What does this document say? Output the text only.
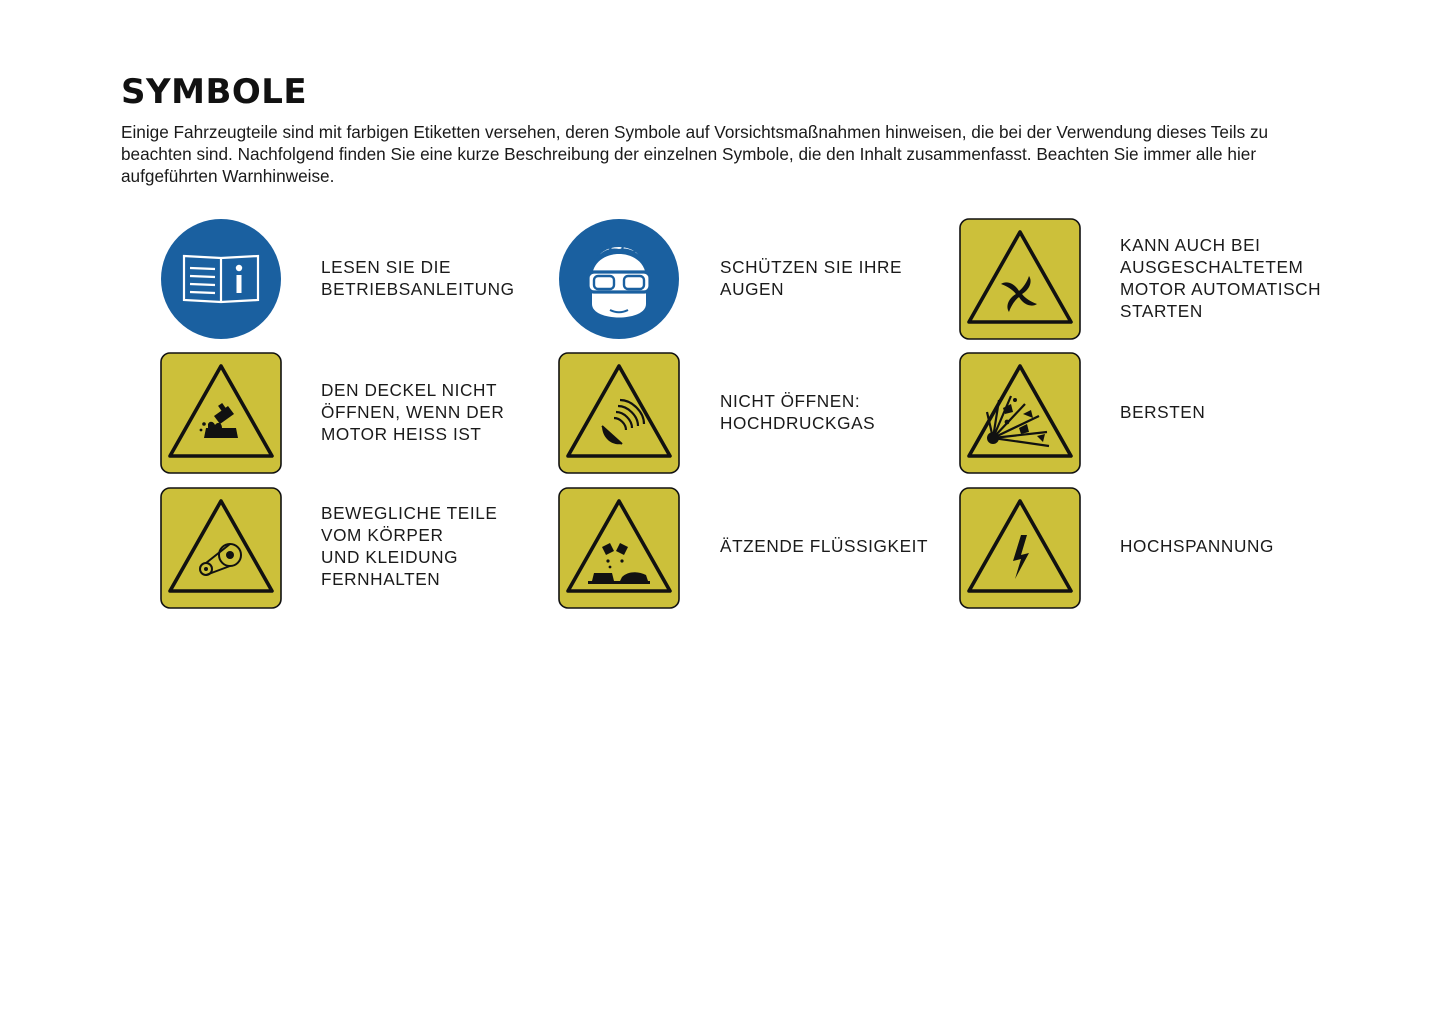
SYMBOLE

Einige Fahrzeugteile sind mit farbigen Etiketten versehen, deren Symbole auf Vorsichtsmaßnahmen hinweisen, die bei der Verwendung dieses Teils zu beachten sind. Nachfolgend finden Sie eine kurze Beschreibung der einzelnen Symbole, die den Inhalt zusammenfasst. Beachten Sie immer alle hier aufgeführten Warnhinweise.

LESEN SIE DIE
BETRIEBSANLEITUNG
SCHÜTZEN SIE IHRE
AUGEN
KANN AUCH BEI
AUSGESCHALTETEM
MOTOR AUTOMATISCH
STARTEN
DEN DECKEL NICHT
ÖFFNEN, WENN DER
MOTOR HEISS IST
NICHT ÖFFNEN:
HOCHDRUCKGAS
BERSTEN
BEWEGLICHE TEILE
VOM KÖRPER
UND KLEIDUNG
FERNHALTEN
ÄTZENDE FLÜSSIGKEIT	HOCHSPANNUNG
